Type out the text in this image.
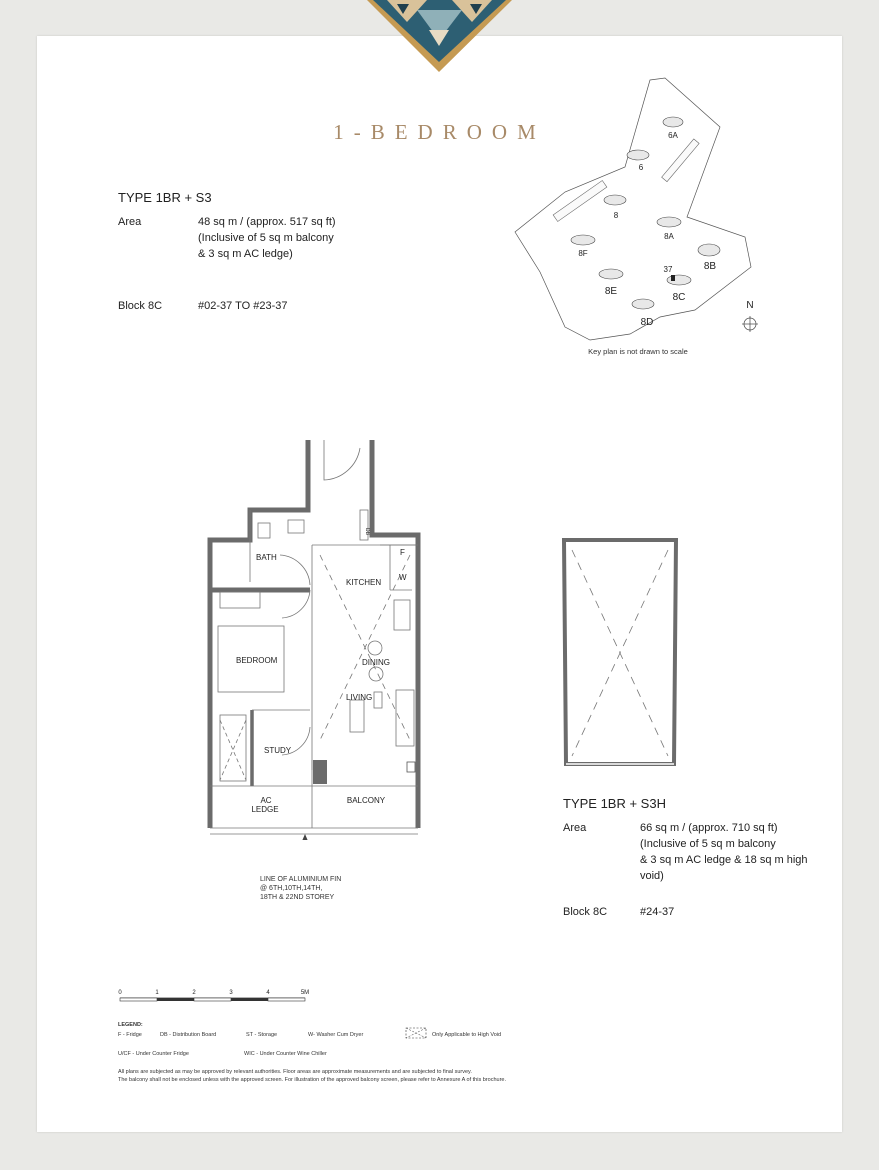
1-BEDROOM
TYPE 1BR + S3
Area	48 sq m / (approx. 517 sq ft)
(Inclusive of 5 sq m balcony
& 3 sq m AC ledge)
Block 8C	#02-37 TO #23-37
6A
6
8
8A
8B
8F
8E
8C
8D
37
N
Key plan is not drawn to scale
BATH
KITCHEN
BEDROOM	DINING
LIVING
STUDY
AC
LEDGE
BALCONY
F
W
DB
LINE OF ALUMINIUM FIN
@ 6TH,10TH,14TH,
18TH & 22ND STOREY
TYPE 1BR + S3H
Area	66 sq m / (approx. 710 sq ft)
(Inclusive of 5 sq m balcony
& 3 sq m AC ledge & 18 sq m high
void)
Block 8C	#24-37
0	1	2	3	4	5M
LEGEND:
F - Fridge	DB - Distribution Board	ST - Storage	W- Washer Cum Dryer	Only Applicable to High Void
U/CF - Under Counter Fridge	WIC - Under Counter Wine Chiller
All plans are subjected as may be approved by relevant authorities. Floor areas are approximate measurements and are subjected to final survey.
The balcony shall not be enclosed unless with the approved screen. For illustration of the approved balcony screen, please refer to Annexure A of this brochure.
